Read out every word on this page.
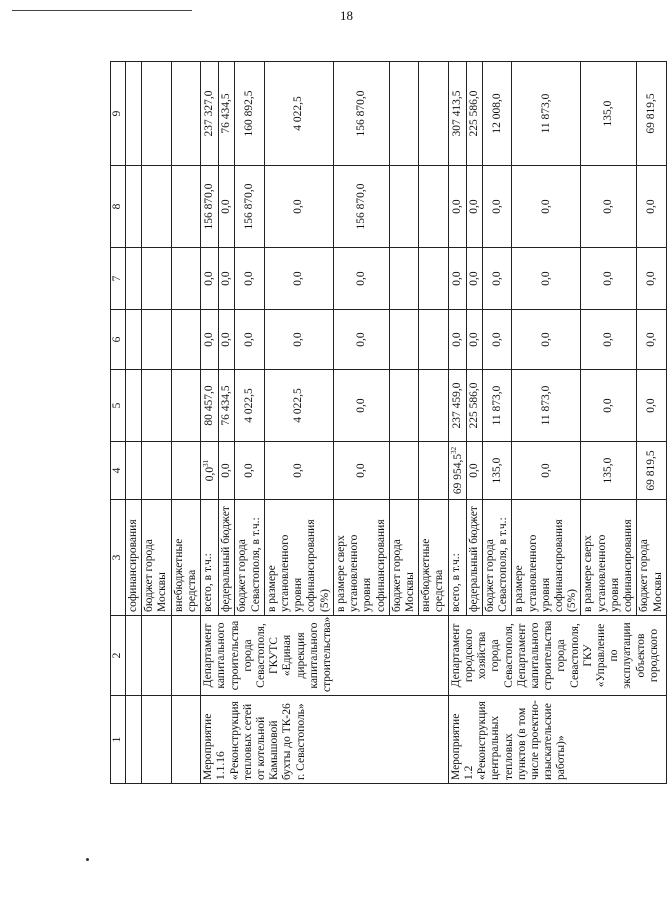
18
1	2	3	4	5	6	7	8	9
		софинансирования						
		бюджет города Москвы						
		внебюджетные средства						
Мероприятие 1.1.16 «Реконструкция тепловых сетей от котельной Камышовой бухты до ТК-26 г. Севастополь»	Департамент капитального строительства города Севастополя, ГКУТС «Единая дирекция капитального строительства»	всего, в т.ч.:	$0,0^{31}$	80 457,0	0,0	0,0	156 870,0	237 327,0
		федеральный бюджет	0,0	76 434,5	0,0	0,0	0,0	76 434,5
		бюджет города Севастополя, в т.ч.:	0,0	4 022,5	0,0	0,0	156 870,0	160 892,5
		в размере установленного уровня софинансирования (5%)	0,0	4 022,5	0,0	0,0	0,0	4 022,5
		в размере сверх установленного уровня софинансирования	0,0	0,0	0,0	0,0	156 870,0	156 870,0
		бюджет города Москвы						
		внебюджетные средства						
Мероприятие 1.2 «Реконструкция центральных тепловых пунктов (в том числе проектно-изыскательские работы)»	Департамент городского хозяйства города Севастополя, Департамент капитального строительства города Севастополя, ГКУ «Управление по эксплуатации объектов городского	всего, в т.ч.:	69 954,5$^{32}$	237 459,0	0,0	0,0	0,0	307 413,5
		федеральный бюджет	0,0	225 586,0	0,0	0,0	0,0	225 586,0
		бюджет города Севастополя, в т.ч.:	135,0	11 873,0	0,0	0,0	0,0	12 008,0
		в размере установленного уровня софинансирования (5%)	0,0	11 873,0	0,0	0,0	0,0	11 873,0
		в размере сверх установленного уровня софинансирования	135,0	0,0	0,0	0,0	0,0	135,0
		бюджет города Москвы	69 819,5	0,0	0,0	0,0	0,0	69 819,5
